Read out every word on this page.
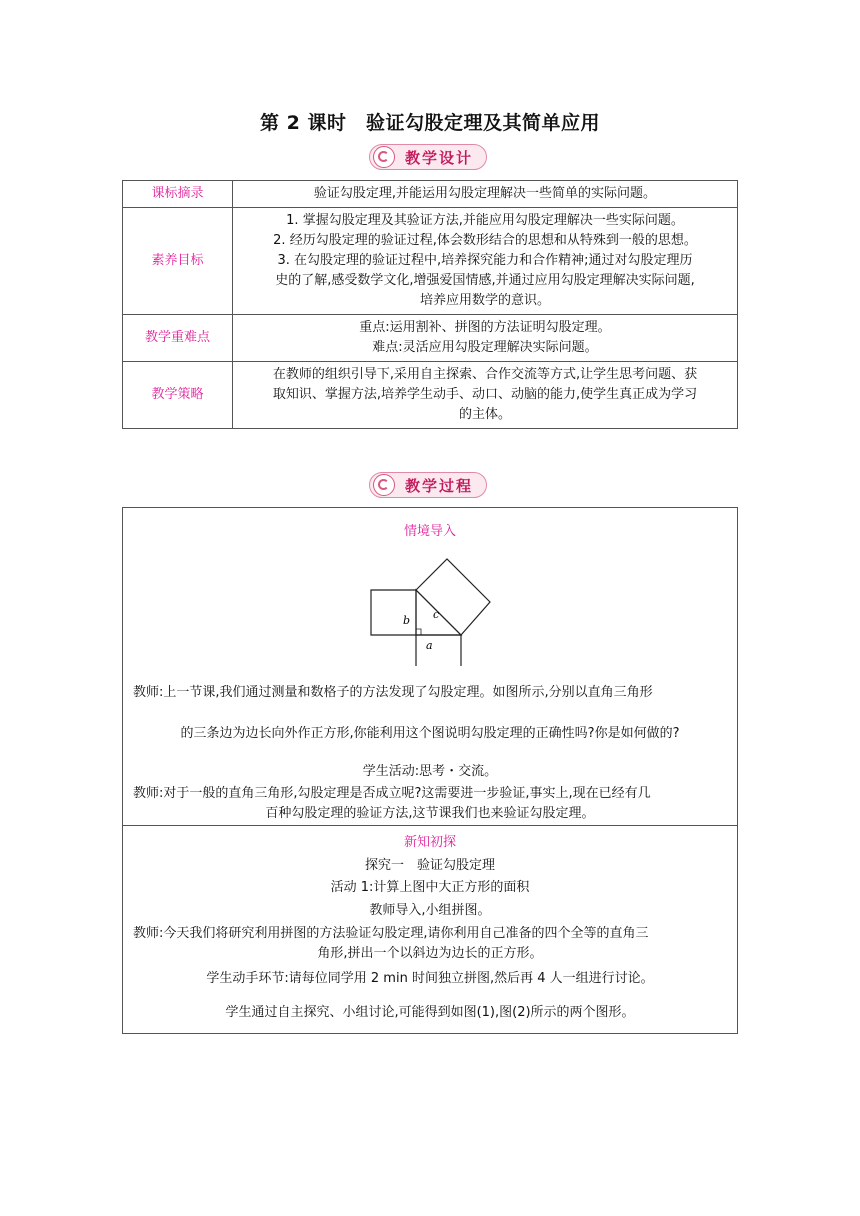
第 2 课时　验证勾股定理及其简单应用
教学设计
课标摘录	验证勾股定理,并能运用勾股定理解决一些简单的实际问题。

素养目标	1. 掌握勾股定理及其验证方法,并能应用勾股定理解决一些实际问题。
2. 经历勾股定理的验证过程,体会数形结合的思想和从特殊到一般的思想。
3. 在勾股定理的验证过程中,培养探究能力和合作精神;通过对勾股定理历
史的了解,感受数学文化,增强爱国情感,并通过应用勾股定理解决实际问题,
培养应用数学的意识。

教学重难点	重点:运用割补、拼图的方法证明勾股定理。
难点:灵活应用勾股定理解决实际问题。

教学策略	在教师的组织引导下,采用自主探索、合作交流等方式,让学生思考问题、获
取知识、掌握方法,培养学生动手、动口、动脑的能力,使学生真正成为学习
的主体。
教学过程
情境导入
b c
a
教师:上一节课,我们通过测量和数格子的方法发现了勾股定理。如图所示,分别以直角三角形
的三条边为边长向外作正方形,你能利用这个图说明勾股定理的正确性吗?你是如何做的?
学生活动:思考・交流。
教师:对于一般的直角三角形,勾股定理是否成立呢?这需要进一步验证,事实上,现在已经有几
百种勾股定理的验证方法,这节课我们也来验证勾股定理。
新知初探
探究一　验证勾股定理
活动 1:计算上图中大正方形的面积
教师导入,小组拼图。
教师:今天我们将研究利用拼图的方法验证勾股定理,请你利用自己准备的四个全等的直角三
角形,拼出一个以斜边为边长的正方形。
学生动手环节:请每位同学用 2 min 时间独立拼图,然后再 4 人一组进行讨论。
学生通过自主探究、小组讨论,可能得到如图(1),图(2)所示的两个图形。
